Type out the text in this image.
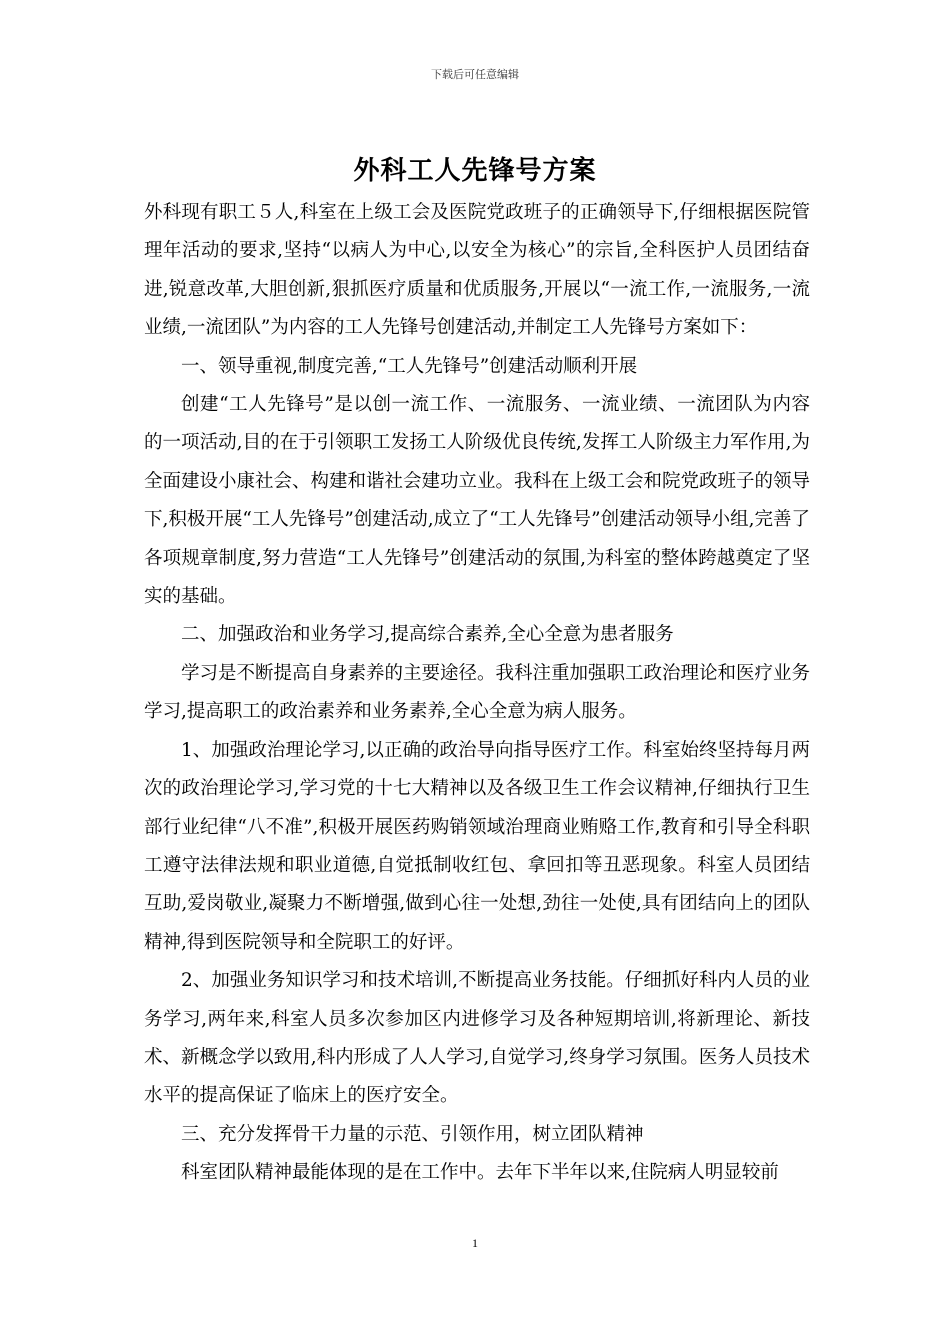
下载后可任意编辑
外科工人先锋号方案

外科现有职工５人,科室在上级工会及医院党政班子的正确领导下,仔细根据医院管理年活动的要求,坚持“以病人为中心,以安全为核心”的宗旨,全科医护人员团结奋进,锐意改革,大胆创新,狠抓医疗质量和优质服务,开展以“一流工作,一流服务,一流业绩,一流团队”为内容的工人先锋号创建活动,并制定工人先锋号方案如下：

一、领导重视,制度完善,“工人先锋号”创建活动顺利开展

创建“工人先锋号”是以创一流工作、一流服务、一流业绩、一流团队为内容的一项活动,目的在于引领职工发扬工人阶级优良传统,发挥工人阶级主力军作用,为全面建设小康社会、构建和谐社会建功立业。我科在上级工会和院党政班子的领导下,积极开展“工人先锋号”创建活动,成立了“工人先锋号”创建活动领导小组,完善了各项规章制度,努力营造“工人先锋号”创建活动的氛围,为科室的整体跨越奠定了坚实的基础。

二、加强政治和业务学习,提高综合素养,全心全意为患者服务

学习是不断提高自身素养的主要途径。我科注重加强职工政治理论和医疗业务学习,提高职工的政治素养和业务素养,全心全意为病人服务。

1、加强政治理论学习,以正确的政治导向指导医疗工作。科室始终坚持每月两次的政治理论学习,学习党的十七大精神以及各级卫生工作会议精神,仔细执行卫生部行业纪律“八不准”,积极开展医药购销领域治理商业贿赂工作,教育和引导全科职工遵守法律法规和职业道德,自觉抵制收红包、拿回扣等丑恶现象。科室人员团结互助,爱岗敬业,凝聚力不断增强,做到心往一处想,劲往一处使,具有团结向上的团队精神,得到医院领导和全院职工的好评。

2、加强业务知识学习和技术培训,不断提高业务技能。仔细抓好科内人员的业务学习,两年来,科室人员多次参加区内进修学习及各种短期培训,将新理论、新技术、新概念学以致用,科内形成了人人学习,自觉学习,终身学习氛围。医务人员技术水平的提高保证了临床上的医疗安全。

三、充分发挥骨干力量的示范、引领作用，树立团队精神

科室团队精神最能体现的是在工作中。去年下半年以来,住院病人明显较前

1
